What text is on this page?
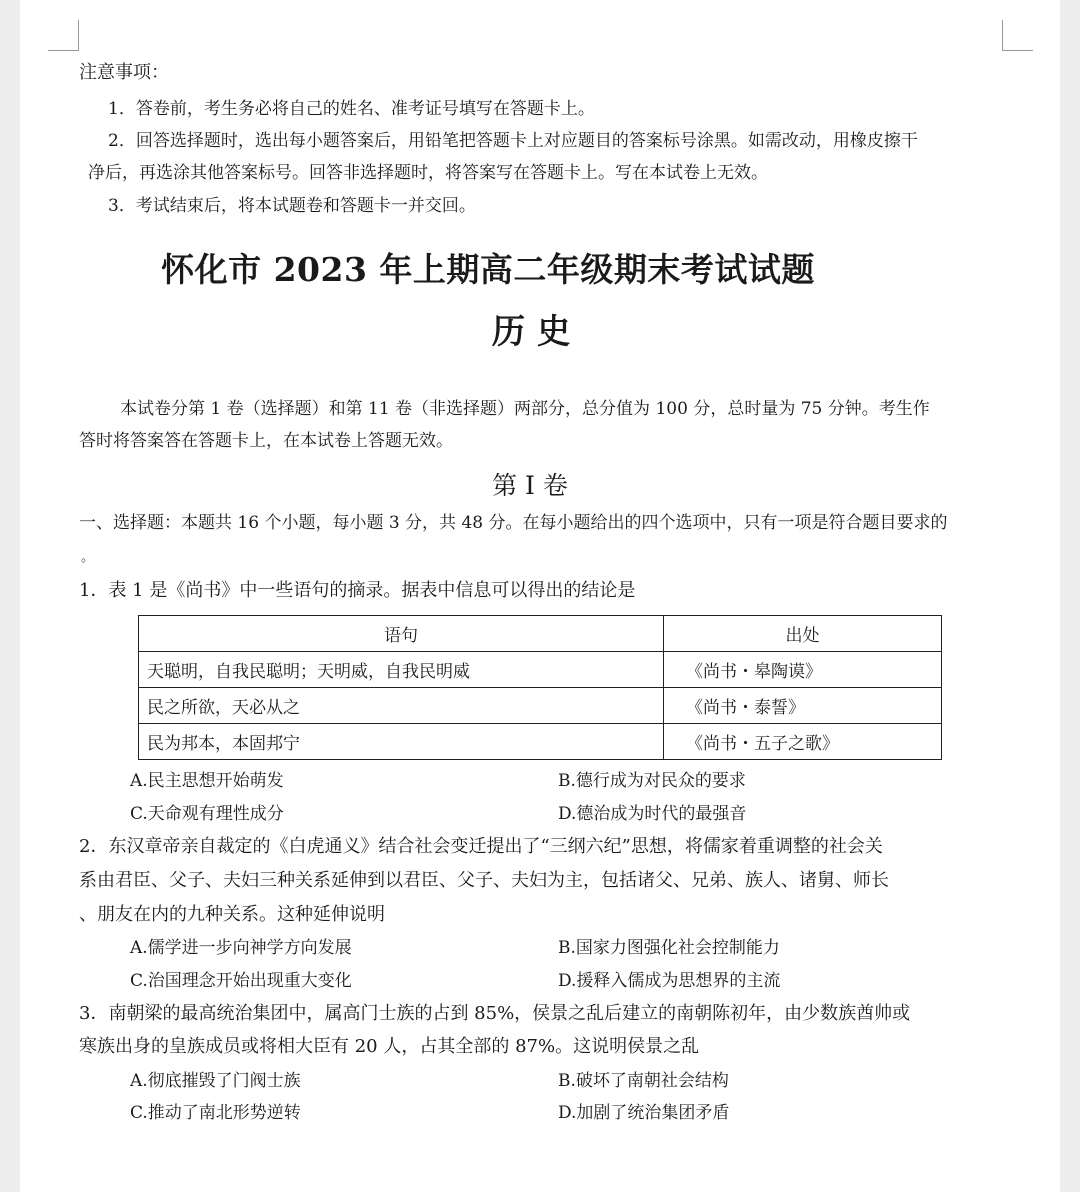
注意事项：
1．答卷前，考生务必将自己的姓名、准考证号填写在答题卡上。
2．回答选择题时，选出每小题答案后，用铅笔把答题卡上对应题目的答案标号涂黑。如需改动，用橡皮擦干
净后，再选涂其他答案标号。回答非选择题时，将答案写在答题卡上。写在本试卷上无效。
3．考试结束后，将本试题卷和答题卡一并交回。
怀化市 2023 年上期高二年级期末考试试题
历 史
本试卷分第 1 卷（选择题）和第 11 卷（非选择题）两部分，总分值为 100 分，总时量为 75 分钟。考生作
答时将答案答在答题卡上，在本试卷上答题无效。
第 I 卷
一、选择题：本题共 16 个小题，每小题 3 分，共 48 分。在每小题给出的四个选项中，只有一项是符合题目要求的
。
1．表 1 是《尚书》中一些语句的摘录。据表中信息可以得出的结论是
语句	出处
天聪明，自我民聪明；天明威，自我民明威	《尚书・皋陶谟》
民之所欲，天必从之	《尚书・泰誓》
民为邦本，本固邦宁	《尚书・五子之歌》
A.民主思想开始萌发	B.德行成为对民众的要求
C.天命观有理性成分	D.德治成为时代的最强音
2．东汉章帝亲自裁定的《白虎通义》结合社会变迁提出了“三纲六纪”思想，将儒家着重调整的社会关
系由君臣、父子、夫妇三种关系延伸到以君臣、父子、夫妇为主，包括诸父、兄弟、族人、诸舅、师长
、朋友在内的九种关系。这种延伸说明
A.儒学进一步向神学方向发展	B.国家力图强化社会控制能力
C.治国理念开始出现重大变化	D.援释入儒成为思想界的主流
3．南朝梁的最高统治集团中，属高门士族的占到 85%，侯景之乱后建立的南朝陈初年，由少数族酋帅或
寒族出身的皇族成员或将相大臣有 20 人，占其全部的 87%。这说明侯景之乱
A.彻底摧毁了门阀士族	B.破坏了南朝社会结构
C.推动了南北形势逆转	D.加剧了统治集团矛盾
